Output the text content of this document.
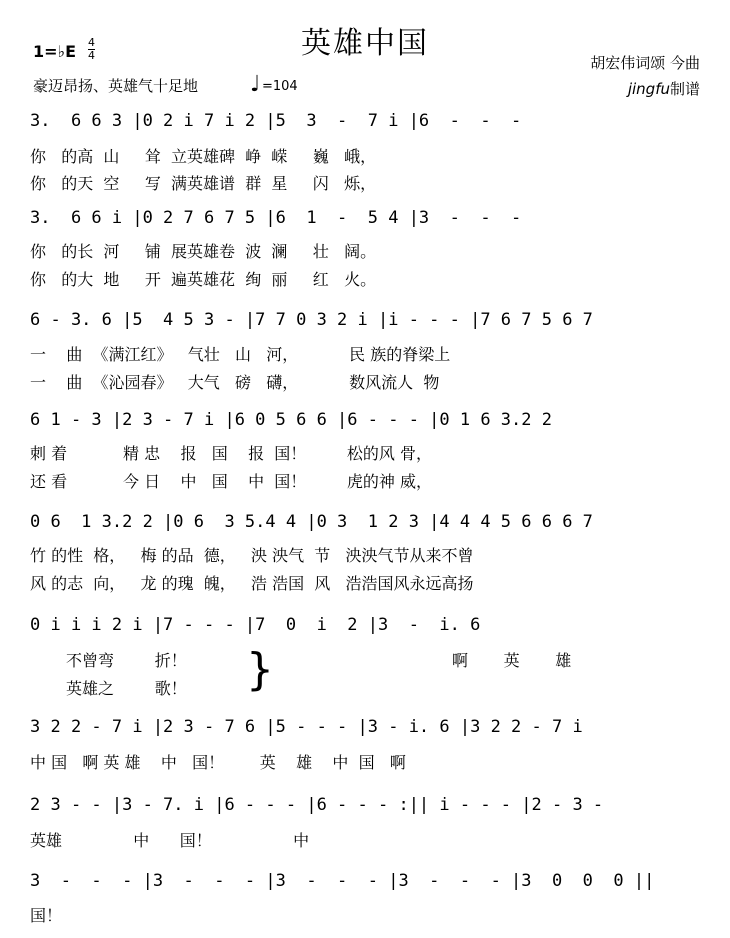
英雄中国
1=♭E 4
4
豪迈昂扬、英雄气十足地 ♩ =104
胡宏伟词颂 今曲
jingfu制谱
3.  6 6 3 |0 2 i 7 i 2 |5  3  -  7 i |6  -  -  -
你   的高  山     耸  立英雄碑  峥  嵘     巍   峨，
你   的天  空     写  满英雄谱  群  星     闪   烁，
3.  6 6 i |0 2 7 6 7 5 |6  1  -  5 4 |3  -  -  -
你   的长  河     铺  展英雄卷  波  澜     壮   阔。
你   的大  地     开  遍英雄花  绚  丽     红   火。
6 - 3. 6 |5  4 5 3 - |7 7 0 3 2 i |i - - - |7 6 7 5 6 7
一    曲  《满江红》   气壮   山   河，          民 族的脊梁上
一    曲  《沁园春》   大气   磅   礴，          数风流人  物
6 1 - 3 |2 3 - 7 i |6 0 5 6 6 |6 - - - |0 1 6 3.2 2
刺 着           精 忠    报   国    报  国！        松的风 骨，
还 看           今 日    中   国    中  国！        虎的神 威，
0 6  1 3.2 2 |0 6  3 5.4 4 |0 3  1 2 3 |4 4 4 5 6 6 6 7
竹 的性  格，   梅 的品  德，   泱 泱气  节   泱泱气节从来不曾
风 的志  向，   龙 的瑰  魄，   浩 浩国  风   浩浩国风永远高扬
0 i i i 2 i |7 - - - |7  0  i  2 |3  -  i. 6
不曾弯        折！
英雄之        歌！	}	啊       英       雄
3 2 2 - 7 i |2 3 - 7 6 |5 - - - |3 - i. 6 |3 2 2 - 7 i
中 国   啊 英 雄    中   国！       英    雄    中  国   啊
2 3 - - |3 - 7. i |6 - - - |6 - - - :|| i - - - |2 - 3 -
英雄              中      国！                中
3  -  -  - |3  -  -  - |3  -  -  - |3  -  -  - |3  0  0  0 ||
国！
